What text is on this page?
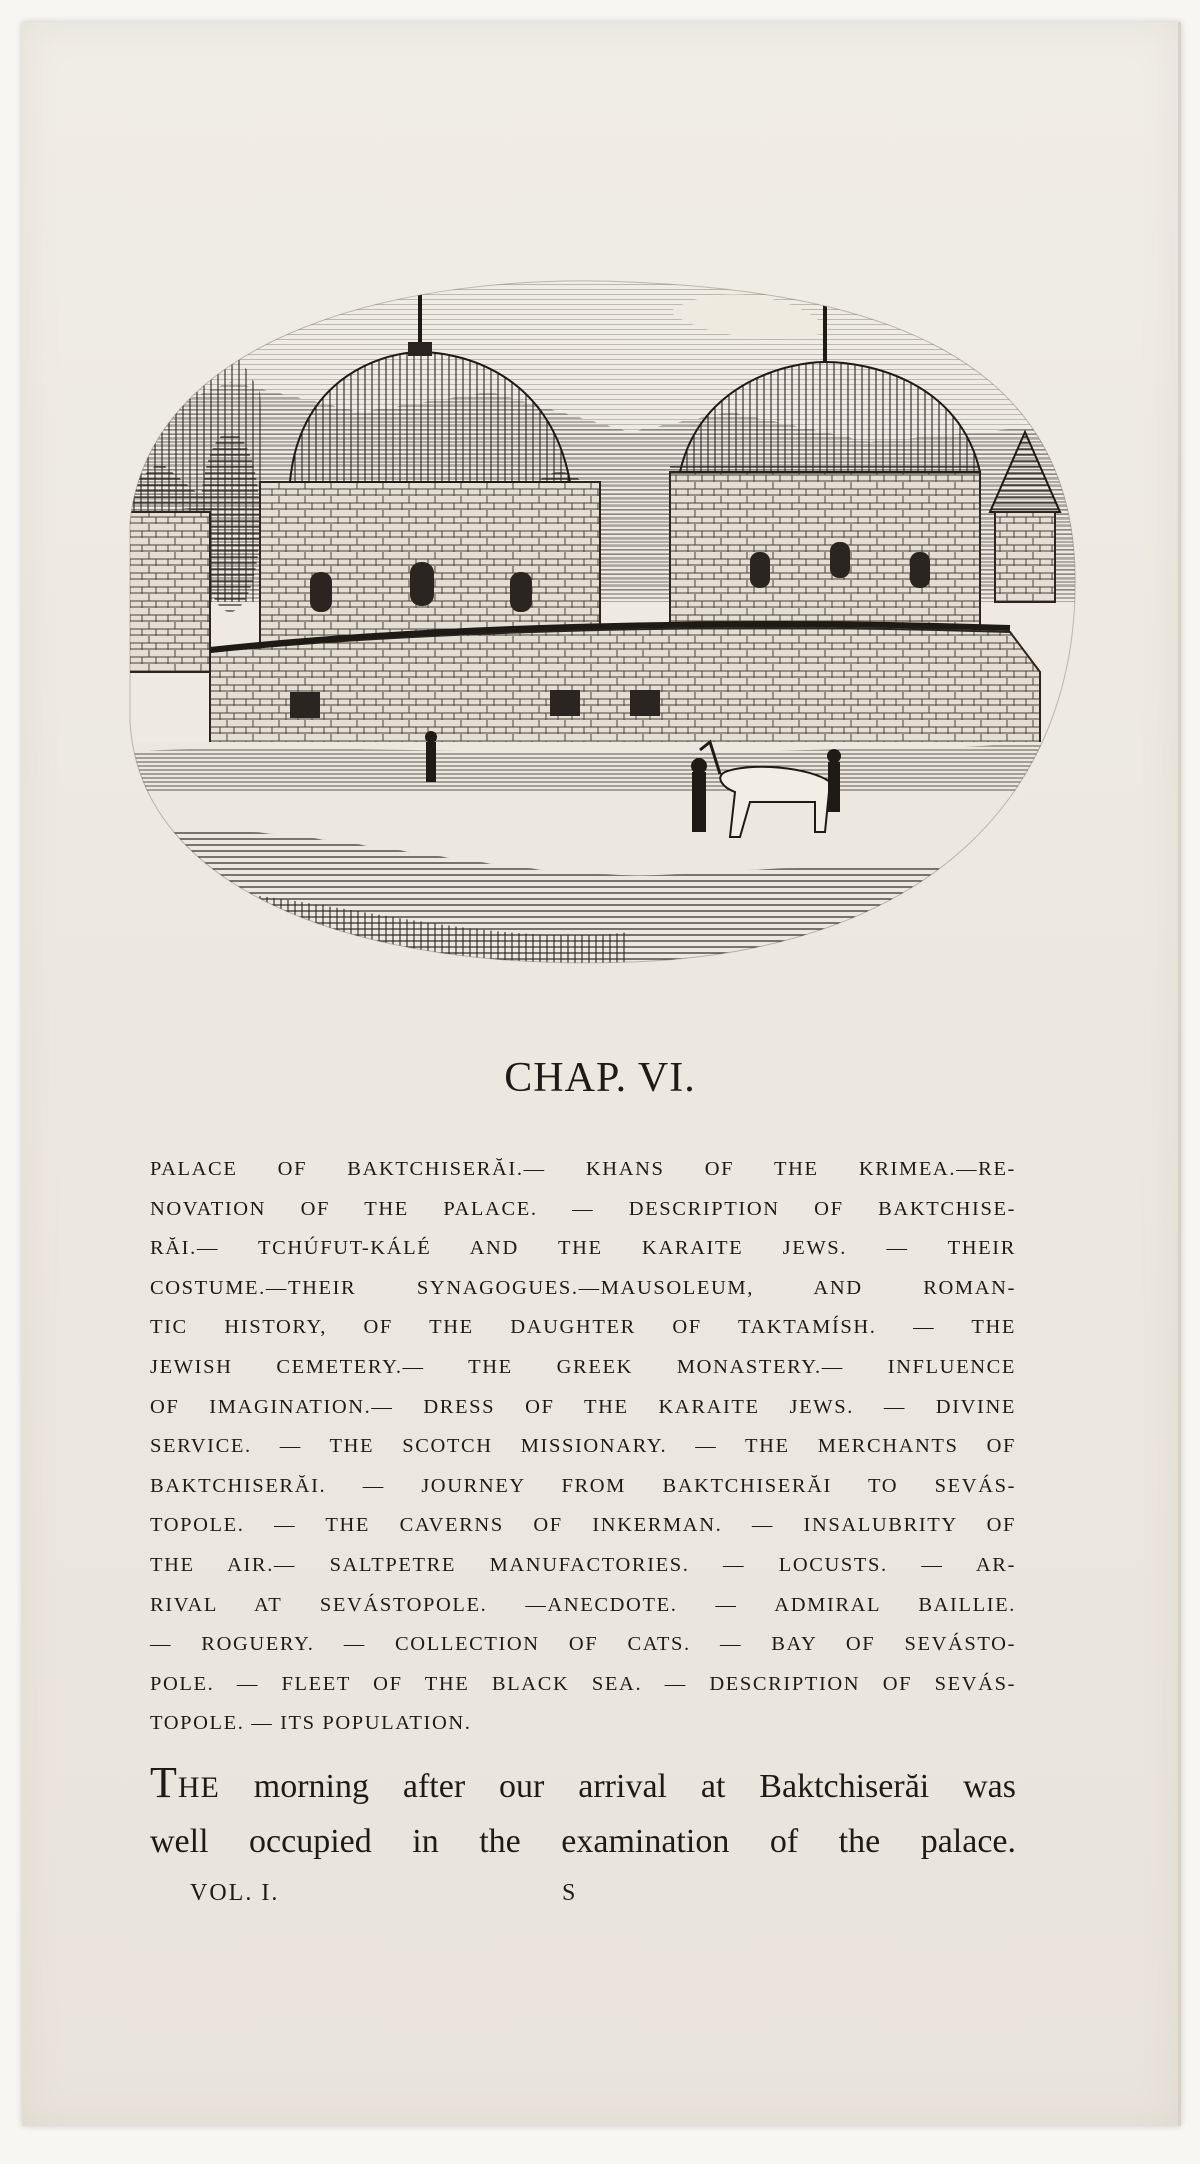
CHAP. VI.
PALACE OF BAKTCHISERĂI.— KHANS OF THE KRIMEA.—RE-
NOVATION OF THE PALACE. — DESCRIPTION OF BAKTCHISE-
RĂI.— TCHÚFUT-KÁLÉ AND THE KARAITE JEWS. — THEIR
COSTUME.—THEIR SYNAGOGUES.—MAUSOLEUM, AND ROMAN-
TIC HISTORY, OF THE DAUGHTER OF TAKTAMÍSH. — THE
JEWISH CEMETERY.— THE GREEK MONASTERY.— INFLUENCE
OF IMAGINATION.— DRESS OF THE KARAITE JEWS. — DIVINE
SERVICE. — THE SCOTCH MISSIONARY. — THE MERCHANTS OF
BAKTCHISERĂI. — JOURNEY FROM BAKTCHISERĂI TO SEVÁS-
TOPOLE. — THE CAVERNS OF INKERMAN. — INSALUBRITY OF
THE AIR.— SALTPETRE MANUFACTORIES. — LOCUSTS. — AR-
RIVAL AT SEVÁSTOPOLE. —ANECDOTE. — ADMIRAL BAILLIE.
— ROGUERY. — COLLECTION OF CATS. — BAY OF SEVÁSTO-
POLE. — FLEET OF THE BLACK SEA. — DESCRIPTION OF SEVÁS-
TOPOLE. — ITS POPULATION.
THE morning after our arrival at Baktchiserăi was
well occupied in the examination of the palace.
VOL. I.	S
